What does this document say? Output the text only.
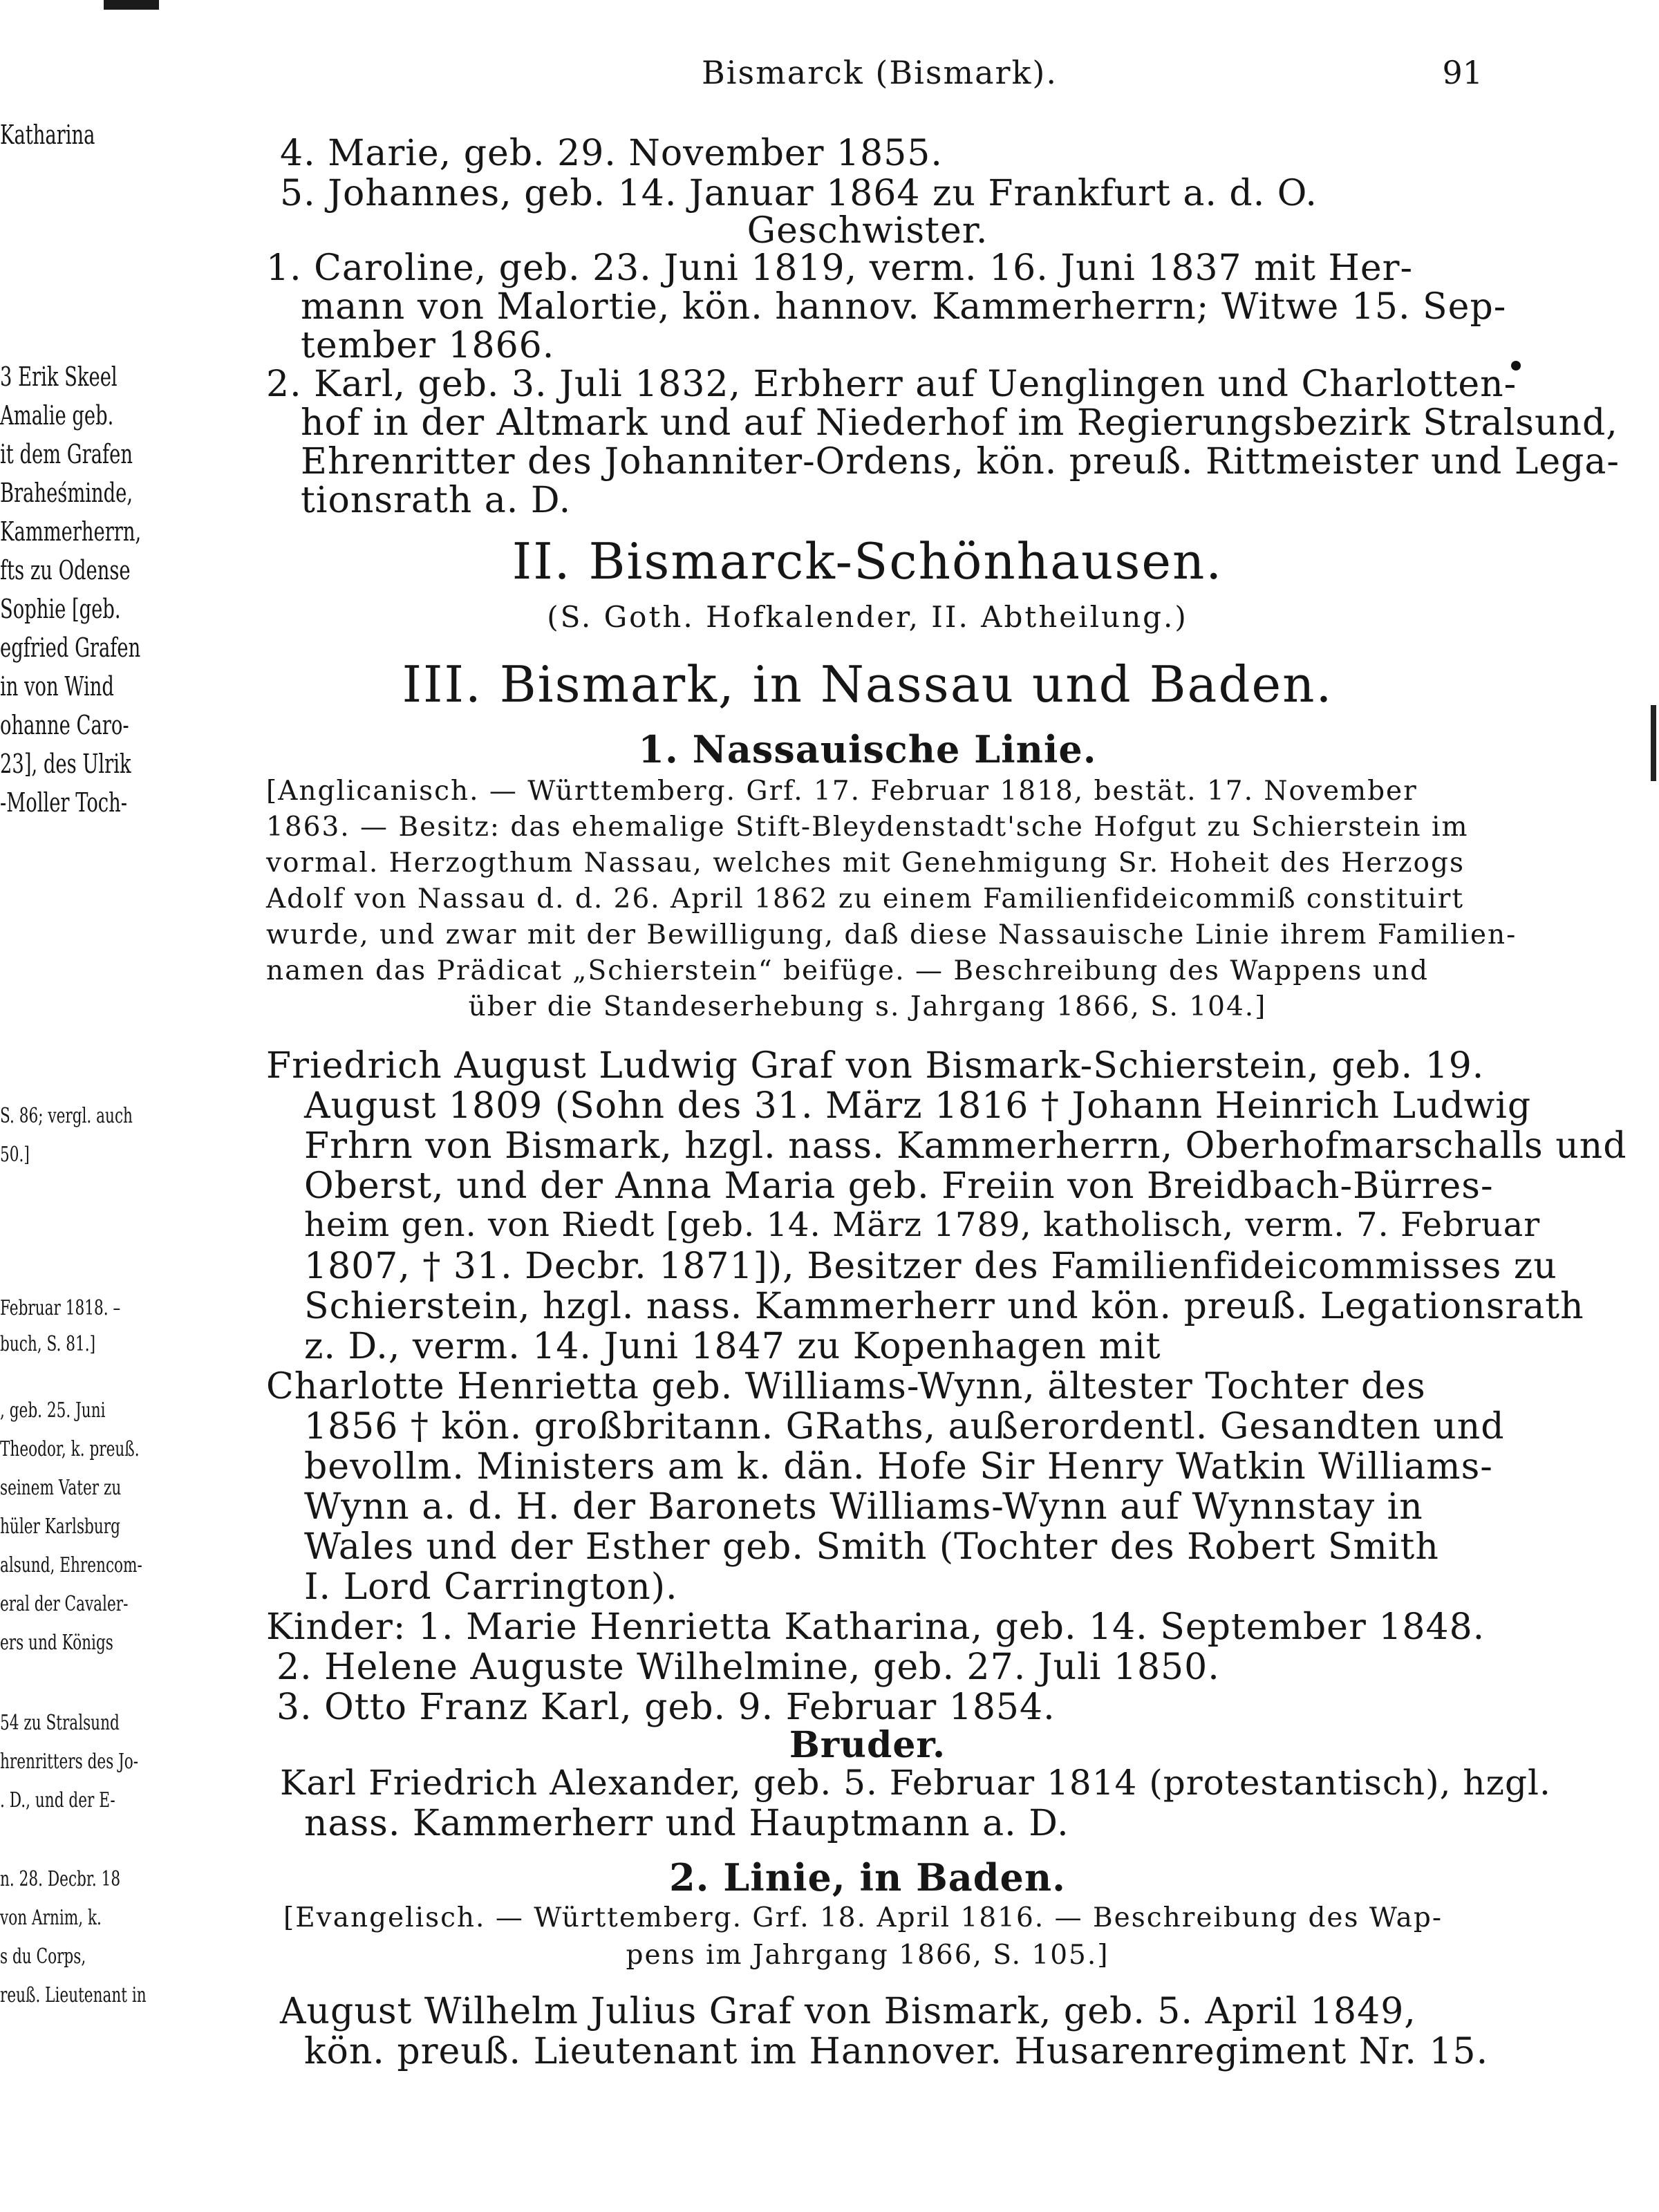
Katharina
3 Erik Skeel
Amalie geb.
it dem Grafen
Braheśminde,
Kammerherrn,
fts zu Odense
Sophie [geb.
egfried Grafen
in von Wind
ohanne Caro-
23], des Ulrik
-Moller Toch-
S. 86; vergl. auch
50.]
Februar 1818. –
buch, S. 81.]
, geb. 25. Juni
Theodor, k. preuß.
seinem Vater zu
hüler Karlsburg
alsund, Ehrencom-
eral der Cavaler-
ers und Königs
54 zu Stralsund
hrenritters des Jo-
. D., und der E-
n. 28. Decbr. 18
von Arnim, k.
s du Corps,
reuß. Lieutenant in
Bismarck (Bismark).	91
4. Marie, geb. 29. November 1855.
5. Johannes, geb. 14. Januar 1864 zu Frankfurt a. d. O.
Geschwister.
1. Caroline, geb. 23. Juni 1819, verm. 16. Juni 1837 mit Her-
mann von Malortie, kön. hannov. Kammerherrn; Witwe 15. Sep-
tember 1866.
2. Karl, geb. 3. Juli 1832, Erbherr auf Uenglingen und Charlotten-
hof in der Altmark und auf Niederhof im Regierungsbezirk Stralsund,
Ehrenritter des Johanniter-Ordens, kön. preuß. Rittmeister und Lega-
tionsrath a. D.
II. Bismarck-Schönhausen.
(S. Goth. Hofkalender, II. Abtheilung.)
III. Bismark, in Nassau und Baden.
1. Nassauische Linie.
[Anglicanisch. — Württemberg. Grf. 17. Februar 1818, bestät. 17. November
1863. — Besitz: das ehemalige Stift-Bleydenstadt'sche Hofgut zu Schierstein im
vormal. Herzogthum Nassau, welches mit Genehmigung Sr. Hoheit des Herzogs
Adolf von Nassau d. d. 26. April 1862 zu einem Familienfideicommiß constituirt
wurde, und zwar mit der Bewilligung, daß diese Nassauische Linie ihrem Familien-
namen das Prädicat „Schierstein“ beifüge. — Beschreibung des Wappens und
über die Standeserhebung s. Jahrgang 1866, S. 104.]
Friedrich August Ludwig Graf von Bismark-Schierstein, geb. 19.
August 1809 (Sohn des 31. März 1816 † Johann Heinrich Ludwig
Frhrn von Bismark, hzgl. nass. Kammerherrn, Oberhofmarschalls und
Oberst, und der Anna Maria geb. Freiin von Breidbach-Bürres-
heim gen. von Riedt [geb. 14. März 1789, katholisch, verm. 7. Februar
1807, † 31. Decbr. 1871]), Besitzer des Familienfideicommisses zu
Schierstein, hzgl. nass. Kammerherr und kön. preuß. Legationsrath
z. D., verm. 14. Juni 1847 zu Kopenhagen mit
Charlotte Henrietta geb. Williams-Wynn, ältester Tochter des
1856 † kön. großbritann. GRaths, außerordentl. Gesandten und
bevollm. Ministers am k. dän. Hofe Sir Henry Watkin Williams-
Wynn a. d. H. der Baronets Williams-Wynn auf Wynnstay in
Wales und der Esther geb. Smith (Tochter des Robert Smith
I. Lord Carrington).
Kinder: 1. Marie Henrietta Katharina, geb. 14. September 1848.
2. Helene Auguste Wilhelmine, geb. 27. Juli 1850.
3. Otto Franz Karl, geb. 9. Februar 1854.
Bruder.
Karl Friedrich Alexander, geb. 5. Februar 1814 (protestantisch), hzgl.
nass. Kammerherr und Hauptmann a. D.
2. Linie, in Baden.
[Evangelisch. — Württemberg. Grf. 18. April 1816. — Beschreibung des Wap-
pens im Jahrgang 1866, S. 105.]
August Wilhelm Julius Graf von Bismark, geb. 5. April 1849,
kön. preuß. Lieutenant im Hannover. Husarenregiment Nr. 15.
